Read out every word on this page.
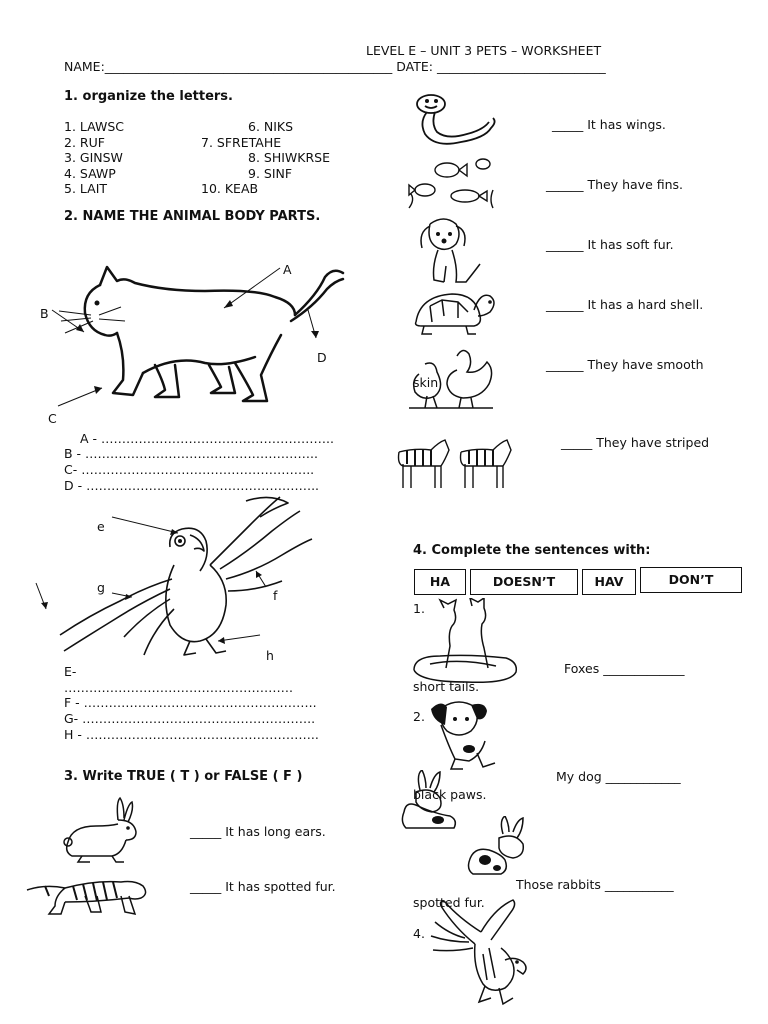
LEVEL E – UNIT 3 PETS – WORKSHEET
NAME:______________________________________________ DATE: ___________________________
1. organize the letters.
1. LAWSC	6. NIKS
2. RUF	7. SFRETAHE
3. GINSW	8. SHIWKRSE
4. SAWP	9. SINF
5. LAIT	10. KEAB
2. NAME THE ANIMAL BODY PARTS.
A
B
C
D
A - ………………………………………………..
B - ………………………………………………..
C- ………………………………………………..
D - ………………………………………………..
e
g
f
h
E-
……………………………………………….
F - ………………………………………………..
G- ………………………………………………..
H - ………………………………………………..
3. Write TRUE ( T ) or FALSE ( F )
_____ It has long ears.
_____ It has spotted fur.
_____ It has wings.
______ They have fins.
______ It has soft fur.
______ It has a hard shell.
______ They have smooth
skin
_____ They have striped
4. Complete the sentences with:
HA	DOESN’T	HAV	DON’T
1.
Foxes _____________
short tails.
2.
My dog ____________
black paws.
Those rabbits ___________
spotted fur.
4.
